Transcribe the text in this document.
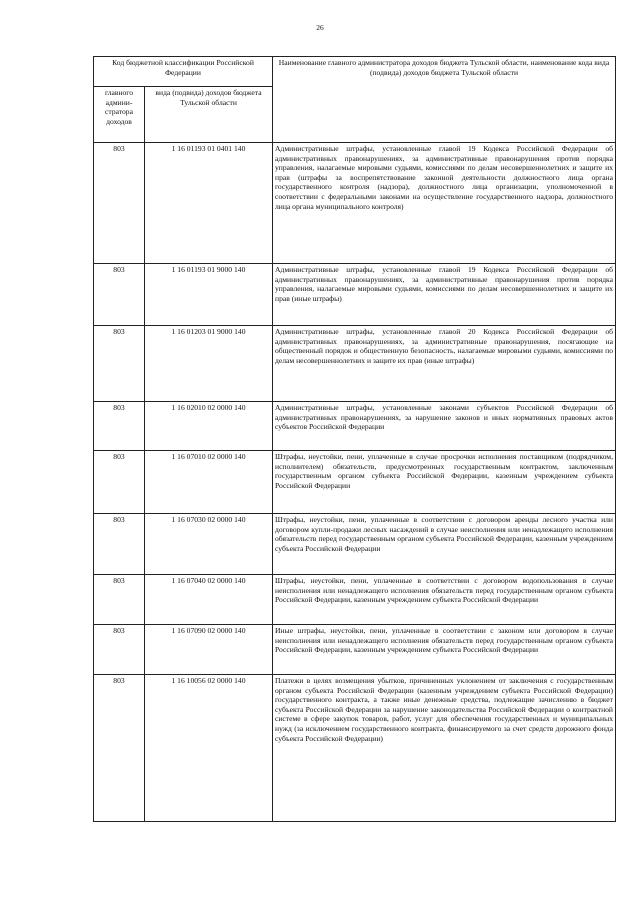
26
Код бюджетной классификации Российской Федерации		Наименование главного администратора доходов бюджета Тульской области, наименование кода вида (подвида) доходов бюджета Тульской области
главного админи-стратора доходов	вида (подвида) доходов бюджета Тульской области	
803	1 16 01193 01 0401 140	Административные штрафы, установленные главой 19 Кодекса Российской Федерации об административных правонарушениях, за административные правонарушения против порядка управления, налагаемые мировыми судьями, комиссиями по делам несовершеннолетних и защите их прав (штрафы за воспрепятствование законной деятельности должностного лица органа государственного контроля (надзора), должностного лица организации, уполномоченной в соответствии с федеральными законами на осуществление государственного надзора, должностного лица органа муниципального контроля)
803	1 16 01193 01 9000 140	Административные штрафы, установленные главой 19 Кодекса Российской Федерации об административных правонарушениях, за административные правонарушения против порядка управления, налагаемые мировыми судьями, комиссиями по делам несовершеннолетних и защите их прав (иные штрафы)
803	1 16 01203 01 9000 140	Административные штрафы, установленные главой 20 Кодекса Российской Федерации об административных правонарушениях, за административные правонарушения, посягающие на общественный порядок и общественную безопасность, налагаемые мировыми судьями, комиссиями по делам несовершеннолетних и защите их прав (иные штрафы)
803	1 16 02010 02 0000 140	Административные штрафы, установленные законами субъектов Российской Федерации об административных правонарушениях, за нарушение законов и иных нормативных правовых актов субъектов Российской Федерации
803	1 16 07010 02 0000 140	Штрафы, неустойки, пени, уплаченные в случае просрочки исполнения поставщиком (подрядчиком, исполнителем) обязательств, предусмотренных государственным контрактом, заключенным государственным органом субъекта Российской Федерации, казенным учреждением субъекта Российской Федерации
803	1 16 07030 02 0000 140	Штрафы, неустойки, пени, уплаченные в соответствии с договором аренды лесного участка или договором купли-продажи лесных насаждений в случае неисполнения или ненадлежащего исполнения обязательств перед государственным органом субъекта Российской Федерации, казенным учреждением субъекта Российской Федерации
803	1 16 07040 02 0000 140	Штрафы, неустойки, пени, уплаченные в соответствии с договором водопользования в случае неисполнения или ненадлежащего исполнения обязательств перед государственным органом субъекта Российской Федерации, казенным учреждением субъекта Российской Федерации
803	1 16 07090 02 0000 140	Иные штрафы, неустойки, пени, уплаченные в соответствии с законом или договором в случае неисполнения или ненадлежащего исполнения обязательств перед государственным органом субъекта Российской Федерации, казенным учреждением субъекта Российской Федерации
803	1 16 10056 02 0000 140	Платежи в целях возмещения убытков, причиненных уклонением от заключения с государственным органом субъекта Российской Федерации (казенным учреждением субъекта Российской Федерации) государственного контракта, а также иные денежные средства, подлежащие зачислению в бюджет субъекта Российской Федерации за нарушение законодательства Российской Федерации о контрактной системе в сфере закупок товаров, работ, услуг для обеспечения государственных и муниципальных нужд (за исключением государственного контракта, финансируемого за счет средств дорожного фонда субъекта Российской Федерации)
